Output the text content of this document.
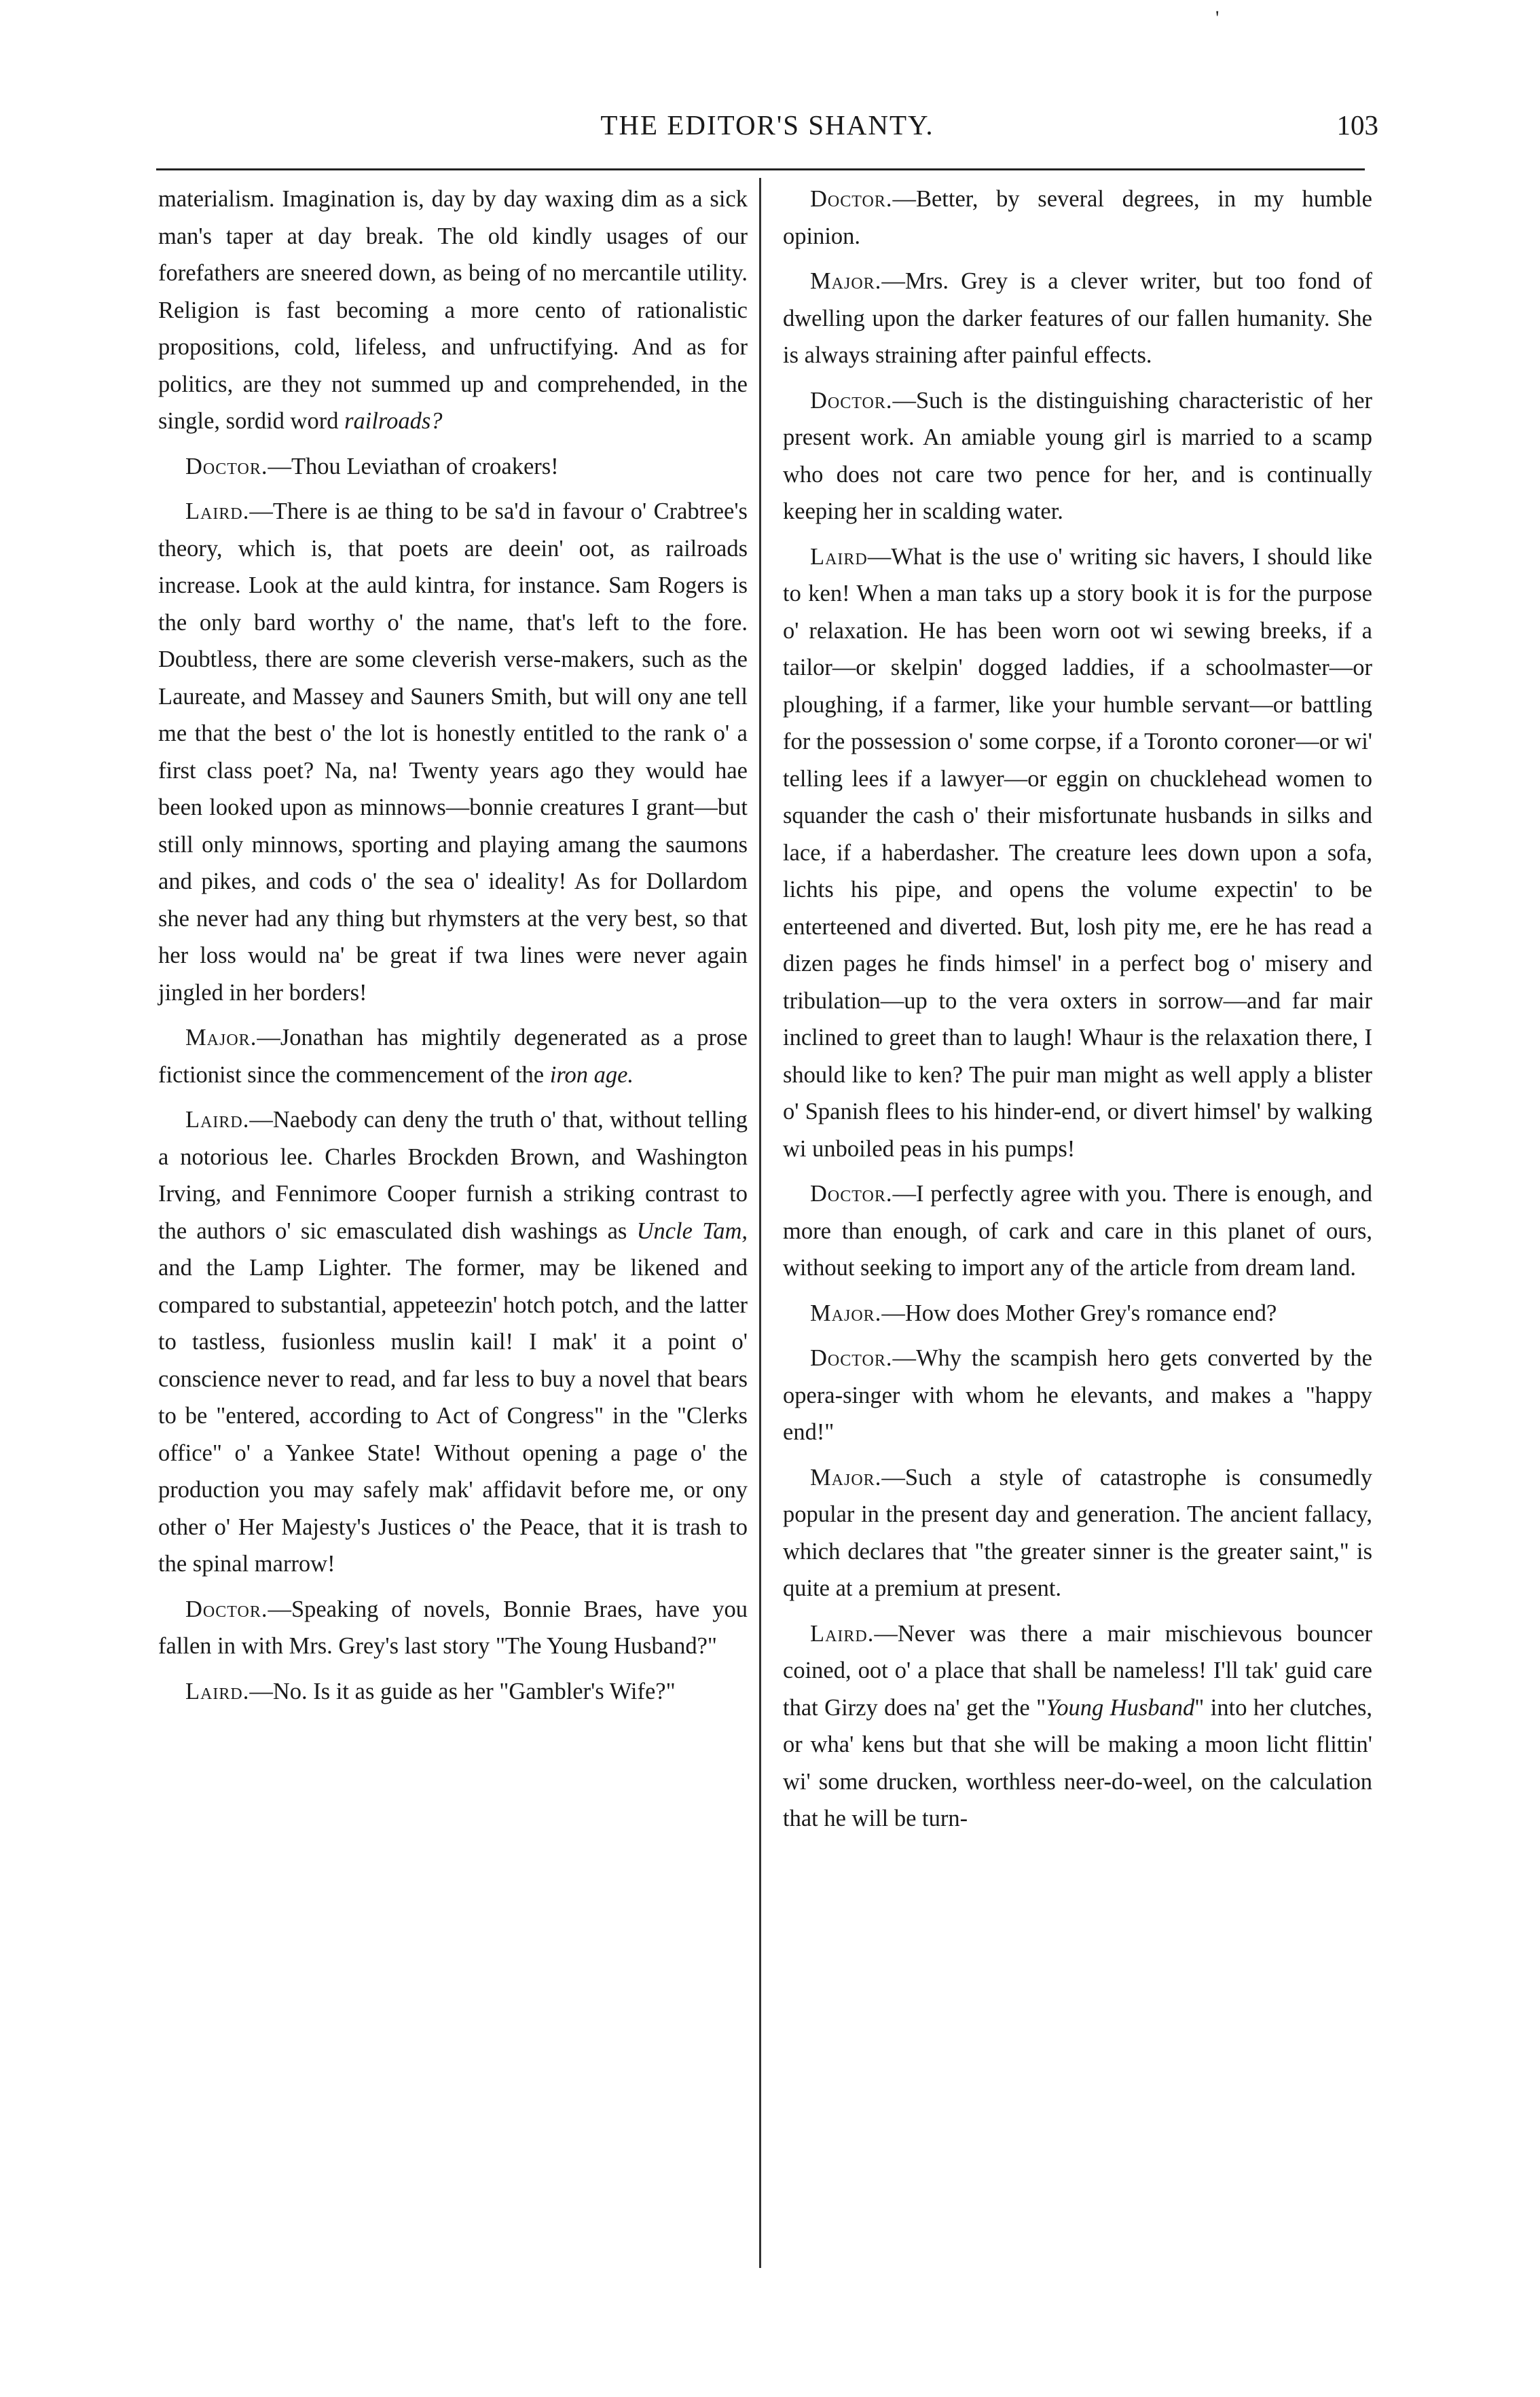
'
THE EDITOR'S SHANTY.	103

materialism. Imagination is, day by day waxing dim as a sick man's taper at day break. The old kindly usages of our forefathers are sneered down, as being of no mercantile utility. Religion is fast becoming a more cento of rationalistic propositions, cold, lifeless, and unfructifying. And as for politics, are they not summed up and comprehended, in the single, sordid word railroads?

Doctor.—Thou Leviathan of croakers!

Laird.—There is ae thing to be sa'd in favour o' Crabtree's theory, which is, that poets are deein' oot, as railroads increase. Look at the auld kintra, for instance. Sam Rogers is the only bard worthy o' the name, that's left to the fore. Doubtless, there are some cleverish verse-makers, such as the Laureate, and Massey and Sauners Smith, but will ony ane tell me that the best o' the lot is honestly entitled to the rank o' a first class poet? Na, na! Twenty years ago they would hae been looked upon as minnows—bonnie creatures I grant—but still only minnows, sporting and playing amang the saumons and pikes, and cods o' the sea o' ideality! As for Dollardom she never had any thing but rhymsters at the very best, so that her loss would na' be great if twa lines were never again jingled in her borders!

Major.—Jonathan has mightily degenerated as a prose fictionist since the commencement of the iron age.

Laird.—Naebody can deny the truth o' that, without telling a notorious lee. Charles Brockden Brown, and Washington Irving, and Fennimore Cooper furnish a striking contrast to the authors o' sic emasculated dish washings as Uncle Tam, and the Lamp Lighter. The former, may be likened and compared to substantial, appeteezin' hotch potch, and the latter to tastless, fusionless muslin kail! I mak' it a point o' conscience never to read, and far less to buy a novel that bears to be "entered, according to Act of Congress" in the "Clerks office" o' a Yankee State! Without opening a page o' the production you may safely mak' affidavit before me, or ony other o' Her Majesty's Justices o' the Peace, that it is trash to the spinal marrow!

Doctor.—Speaking of novels, Bonnie Braes, have you fallen in with Mrs. Grey's last story "The Young Husband?"

Laird.—No. Is it as guide as her "Gambler's Wife?"

Doctor.—Better, by several degrees, in my humble opinion.

Major.—Mrs. Grey is a clever writer, but too fond of dwelling upon the darker features of our fallen humanity. She is always straining after painful effects.

Doctor.—Such is the distinguishing characteristic of her present work. An amiable young girl is married to a scamp who does not care two pence for her, and is continually keeping her in scalding water.

Laird—What is the use o' writing sic havers, I should like to ken! When a man taks up a story book it is for the purpose o' relaxation. He has been worn oot wi sewing breeks, if a tailor—or skelpin' dogged laddies, if a schoolmaster—or ploughing, if a farmer, like your humble servant—or battling for the possession o' some corpse, if a Toronto coroner—or wi' telling lees if a lawyer—or eggin on chucklehead women to squander the cash o' their misfortunate husbands in silks and lace, if a haberdasher. The creature lees down upon a sofa, lichts his pipe, and opens the volume expectin' to be enterteened and diverted. But, losh pity me, ere he has read a dizen pages he finds himsel' in a perfect bog o' misery and tribulation—up to the vera oxters in sorrow—and far mair inclined to greet than to laugh! Whaur is the relaxation there, I should like to ken? The puir man might as well apply a blister o' Spanish flees to his hinder-end, or divert himsel' by walking wi unboiled peas in his pumps!

Doctor.—I perfectly agree with you. There is enough, and more than enough, of cark and care in this planet of ours, without seeking to import any of the article from dream land.

Major.—How does Mother Grey's romance end?

Doctor.—Why the scampish hero gets converted by the opera-singer with whom he elevants, and makes a "happy end!"

Major.—Such a style of catastrophe is consumedly popular in the present day and generation. The ancient fallacy, which declares that "the greater sinner is the greater saint," is quite at a premium at present.

Laird.—Never was there a mair mischievous bouncer coined, oot o' a place that shall be nameless! I'll tak' guid care that Girzy does na' get the "Young Husband" into her clutches, or wha' kens but that she will be making a moon licht flittin' wi' some drucken, worthless neer-do-weel, on the calculation that he will be turn-
